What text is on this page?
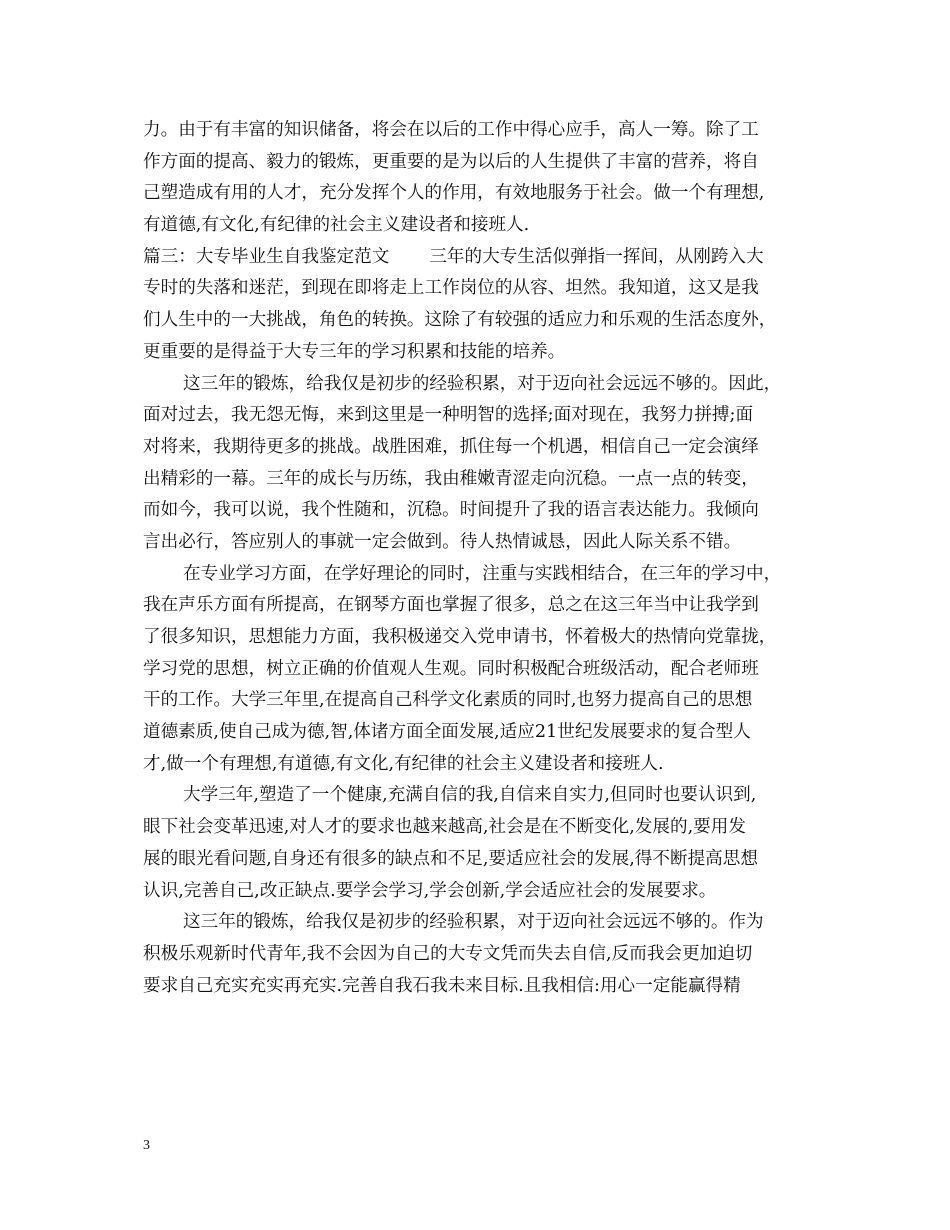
力。由于有丰富的知识储备，将会在以后的工作中得心应手，高人一筹。除了工
作方面的提高、毅力的锻炼，更重要的是为以后的人生提供了丰富的营养，将自
己塑造成有用的人才，充分发挥个人的作用，有效地服务于社会。做一个有理想,
有道德,有文化,有纪律的社会主义建设者和接班人.
篇三：大专毕业生自我鉴定范文 三年的大专生活似弹指一挥间，从刚跨入大
专时的失落和迷茫，到现在即将走上工作岗位的从容、坦然。我知道，这又是我
们人生中的一大挑战，角色的转换。这除了有较强的适应力和乐观的生活态度外，
更重要的是得益于大专三年的学习积累和技能的培养。
这三年的锻炼，给我仅是初步的经验积累，对于迈向社会远远不够的。因此，
面对过去，我无怨无悔，来到这里是一种明智的选择;面对现在，我努力拼搏;面
对将来，我期待更多的挑战。战胜困难，抓住每一个机遇，相信自己一定会演绎
出精彩的一幕。三年的成长与历练，我由稚嫩青涩走向沉稳。一点一点的转变，
而如今，我可以说，我个性随和，沉稳。时间提升了我的语言表达能力。我倾向
言出必行，答应别人的事就一定会做到。待人热情诚恳，因此人际关系不错。
在专业学习方面，在学好理论的同时，注重与实践相结合，在三年的学习中，
我在声乐方面有所提高，在钢琴方面也掌握了很多，总之在这三年当中让我学到
了很多知识，思想能力方面，我积极递交入党申请书，怀着极大的热情向党靠拢，
学习党的思想，树立正确的价值观人生观。同时积极配合班级活动，配合老师班
干的工作。大学三年里,在提高自己科学文化素质的同时,也努力提高自己的思想
道德素质,使自己成为德,智,体诸方面全面发展,适应21世纪发展要求的复合型人
才,做一个有理想,有道德,有文化,有纪律的社会主义建设者和接班人.
大学三年,塑造了一个健康,充满自信的我,自信来自实力,但同时也要认识到,
眼下社会变革迅速,对人才的要求也越来越高,社会是在不断变化,发展的,要用发
展的眼光看问题,自身还有很多的缺点和不足,要适应社会的发展,得不断提高思想
认识,完善自己,改正缺点.要学会学习,学会创新,学会适应社会的发展要求。
这三年的锻炼，给我仅是初步的经验积累，对于迈向社会远远不够的。作为
积极乐观新时代青年,我不会因为自己的大专文凭而失去自信,反而我会更加迫切
要求自己充实充实再充实.完善自我石我未来目标.且我相信:用心一定能赢得精
3
